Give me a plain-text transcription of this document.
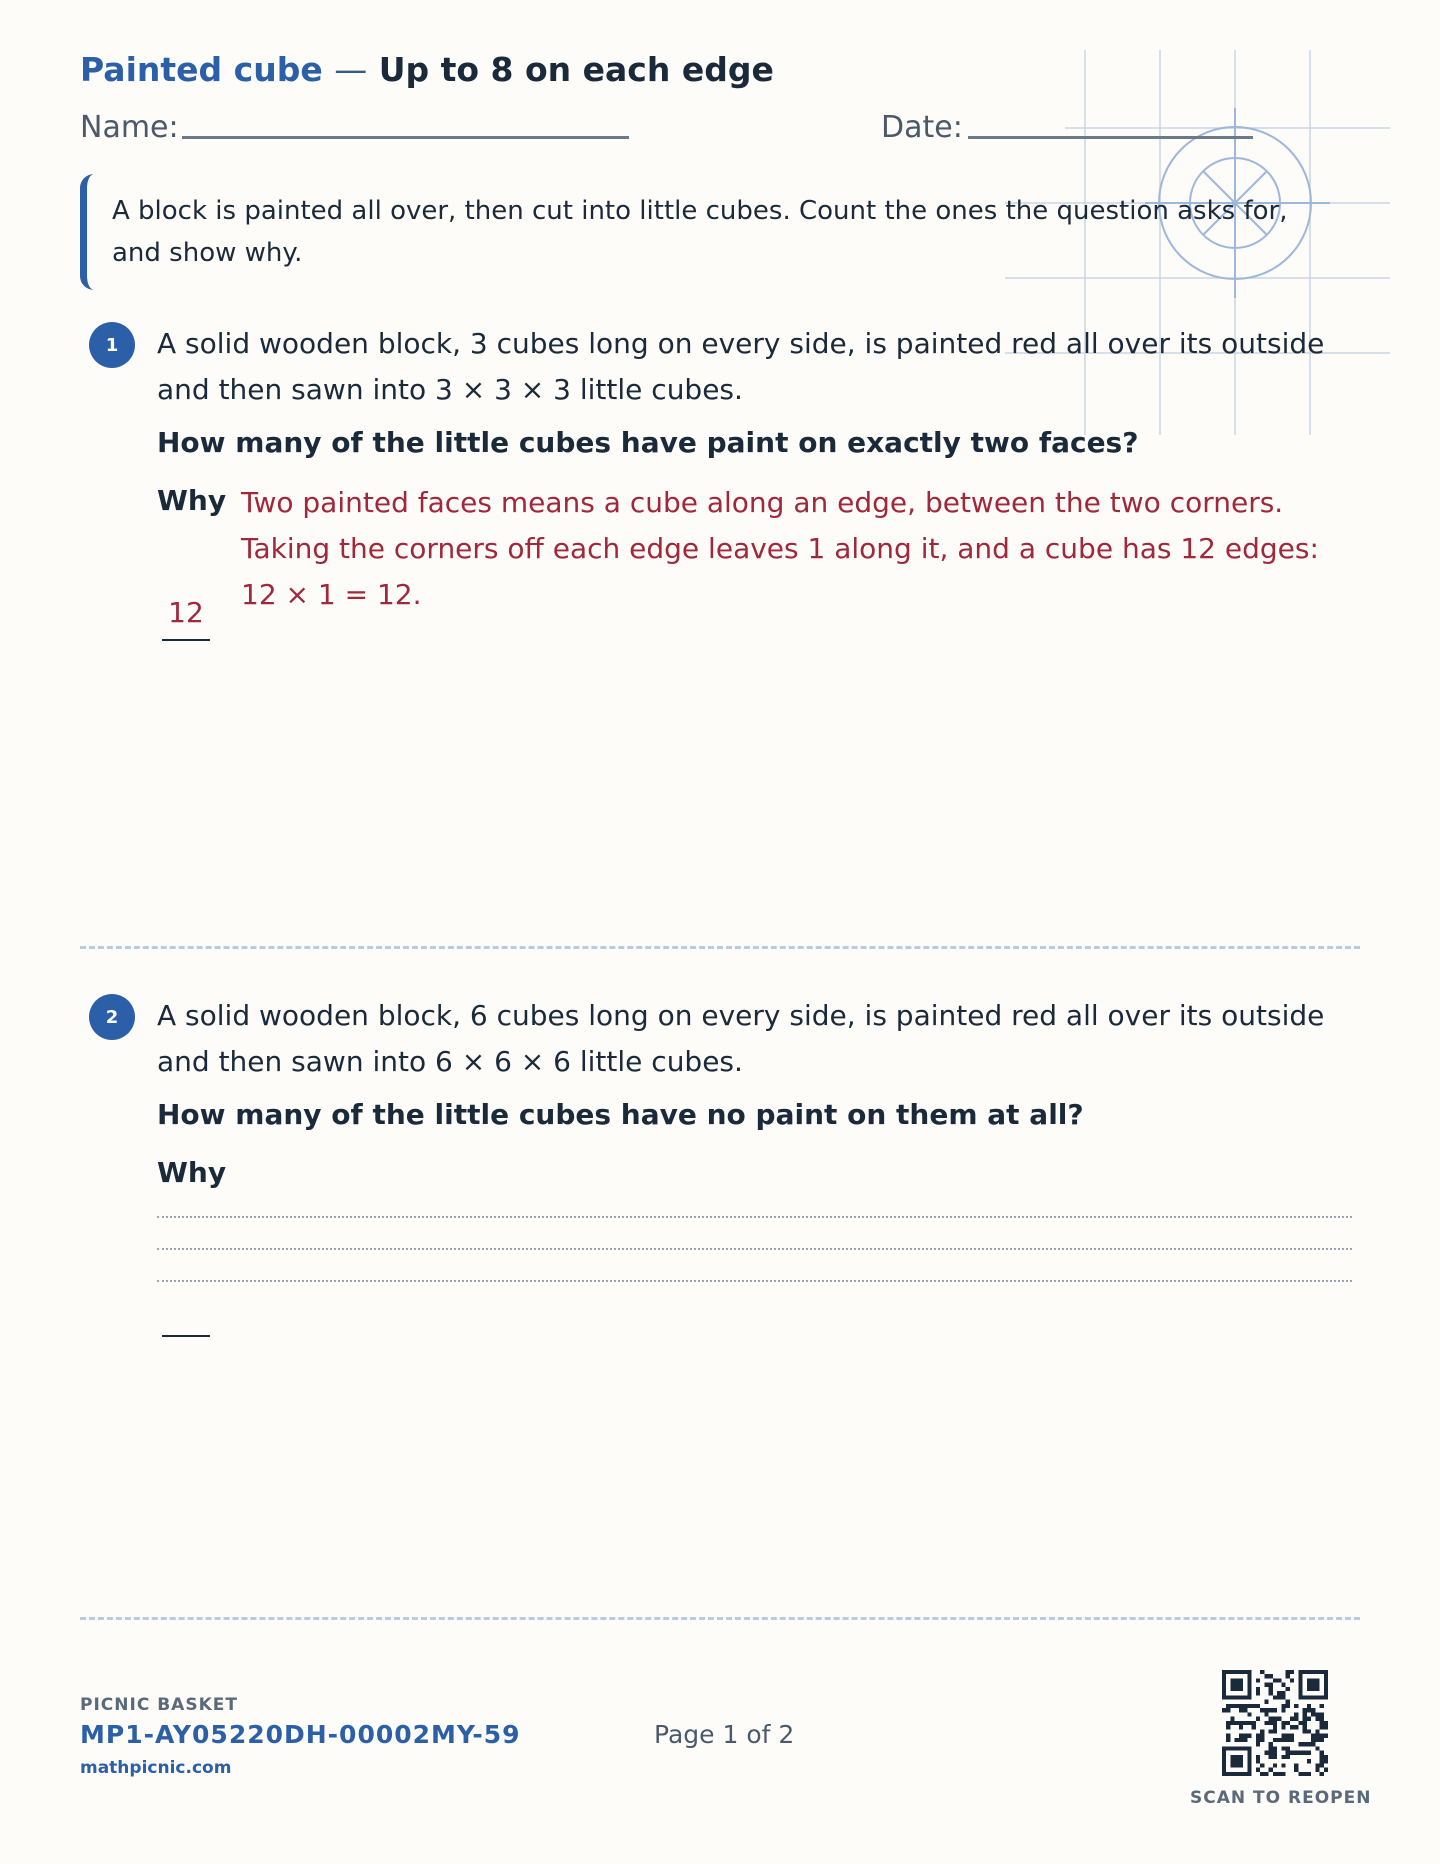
Painted cube — Up to 8 on each edge
Name:	Date:
A block is painted all over, then cut into little cubes. Count the ones the question asks for, and show why.
1	A solid wooden block, 3 cubes long on every side, is painted red all over its outside and then sawn into 3 × 3 × 3 little cubes.
How many of the little cubes have paint on exactly two faces?
Why Two painted faces means a cube along an edge, between the two corners. Taking the corners off each edge leaves 1 along it, and a cube has 12 edges: 12 × 1 = 12.
12
2	A solid wooden block, 6 cubes long on every side, is painted red all over its outside and then sawn into 6 × 6 × 6 little cubes.
How many of the little cubes have no paint on them at all?
Why
PICNIC BASKET
MP1-AY05220DH-00002MY-59
mathpicnic.com
Page 1 of 2
SCAN TO REOPEN
